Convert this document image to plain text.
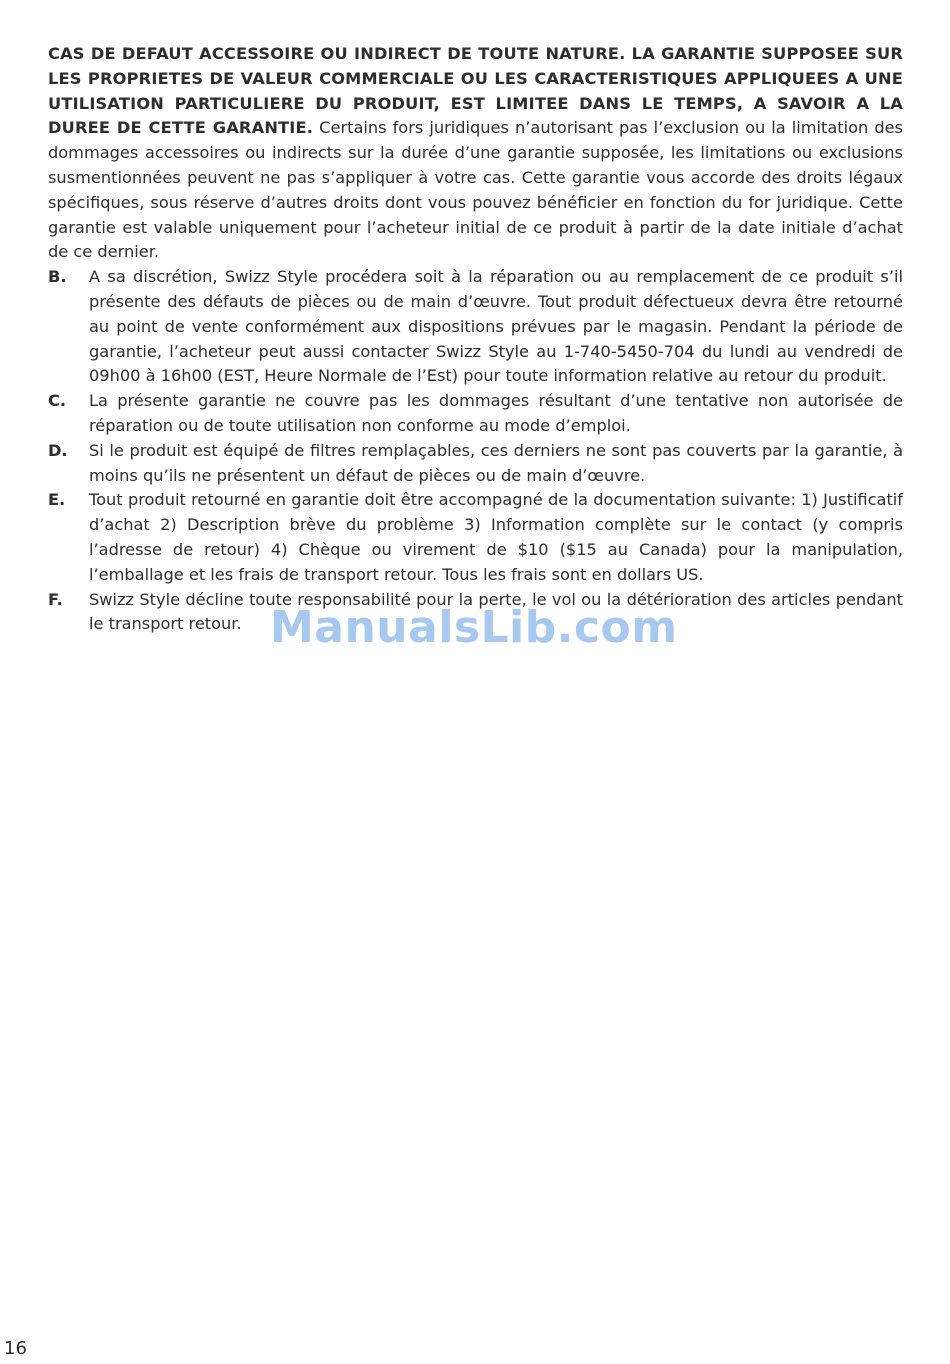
CAS DE DEFAUT ACCESSOIRE OU INDIRECT DE TOUTE NATURE. LA GARANTIE SUPPOSEE SUR LES PROPRIETES DE VALEUR COMMERCIALE OU LES CARACTERISTIQUES APPLIQUEES A UNE UTILISATION PARTICULIERE DU PRODUIT, EST LIMITEE DANS LE TEMPS, A SAVOIR A LA DUREE DE CETTE GARANTIE. Certains fors juridiques n’autorisant pas l’exclusion ou la limitation des dommages accessoires ou indirects sur la durée d’une garantie supposée, les limitations ou exclusions susmentionnées peuvent ne pas s’appliquer à votre cas. Cette garantie vous accorde des droits légaux spécifiques, sous réserve d’autres droits dont vous pouvez bénéficier en fonction du for juridique. Cette garantie est valable uniquement pour l’acheteur initial de ce produit à partir de la date initiale d’achat de ce dernier.

B.	A sa discrétion, Swizz Style procédera soit à la réparation ou au remplacement de ce produit s’il présente des défauts de pièces ou de main d’œuvre. Tout produit défectueux devra être retourné au point de vente conformément aux dispositions prévues par le magasin. Pendant la période de garantie, l’acheteur peut aussi contacter Swizz Style au 1-740-5450-704 du lundi au vendredi de 09h00 à 16h00 (EST, Heure Normale de l’Est) pour toute information relative au retour du produit.
C.	La présente garantie ne couvre pas les dommages résultant d’une tentative non autorisée de réparation ou de toute utilisation non conforme au mode d’emploi.
D.	Si le produit est équipé de filtres remplaçables, ces derniers ne sont pas couverts par la garantie, à moins qu’ils ne présentent un défaut de pièces ou de main d’œuvre.
E.	Tout produit retourné en garantie doit être accompagné de la documentation suivante: 1) Justificatif d’achat 2) Description brève du problème 3) Information complète sur le contact (y compris l’adresse de retour) 4) Chèque ou virement de $10 ($15 au Canada) pour la manipulation, l’emballage et les frais de transport retour. Tous les frais sont en dollars US.
F.	Swizz Style décline toute responsabilité pour la perte, le vol ou la détérioration des articles pendant le transport retour. ManualsLib.com
16
